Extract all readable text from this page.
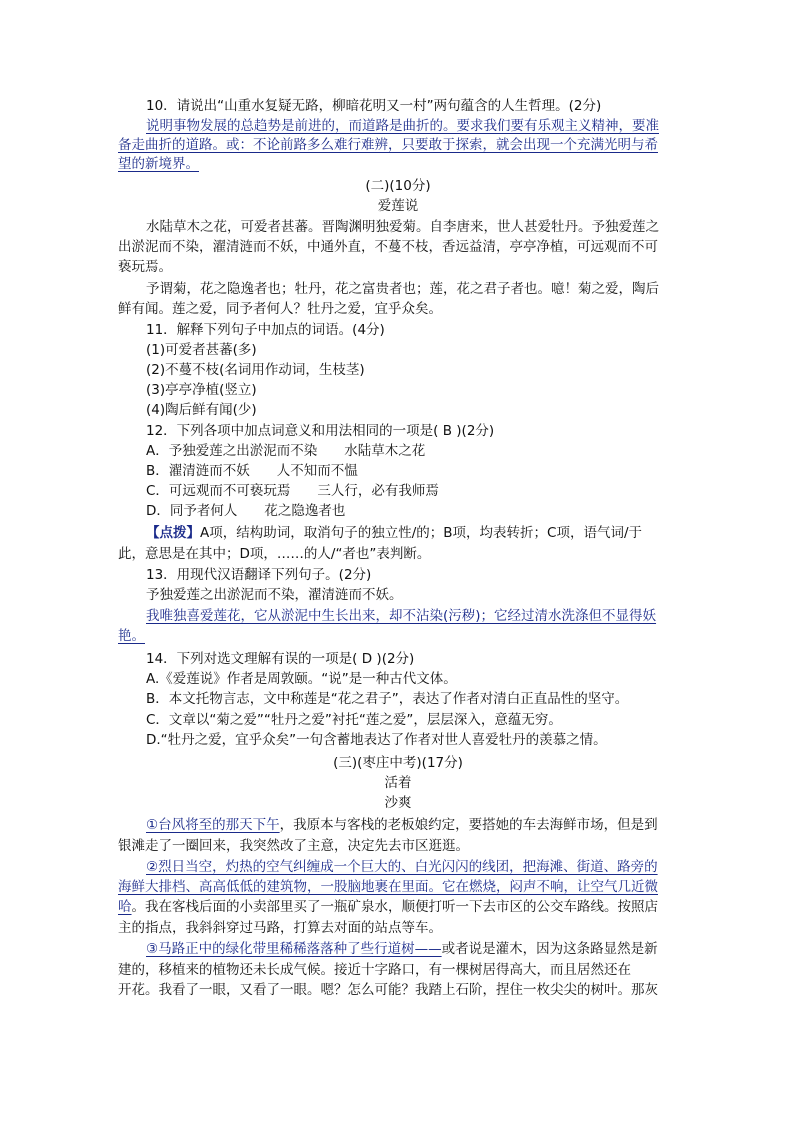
10．请说出“山重水复疑无路，柳暗花明又一村”两句蕴含的人生哲理。(2分)
说明事物发展的总趋势是前进的，而道路是曲折的。要求我们要有乐观主义精神，要准
备走曲折的道路。或：不论前路多么难行难辨，只要敢于探索，就会出现一个充满光明与希
望的新境界。
(二)(10分)
爱莲说
水陆草木之花，可爱者甚蕃。晋陶渊明独爱菊。自李唐来，世人甚爱牡丹。予独爱莲之
出淤泥而不染，濯清涟而不妖，中通外直，不蔓不枝，香远益清，亭亭净植，可远观而不可
亵玩焉。
予谓菊，花之隐逸者也；牡丹，花之富贵者也；莲，花之君子者也。噫！菊之爱，陶后
鲜有闻。莲之爱，同予者何人？牡丹之爱，宜乎众矣。
11．解释下列句子中加点的词语。(4分)
(1)可爱者甚蕃(多)
(2)不蔓不枝(名词用作动词，生枝茎)
(3)亭亭净植(竖立)
(4)陶后鲜有闻(少)
12．下列各项中加点词意义和用法相同的一项是( B )(2分)
A．予独爱莲之出淤泥而不染　　水陆草木之花
B．濯清涟而不妖　　人不知而不愠
C．可远观而不可亵玩焉　　三人行，必有我师焉
D．同予者何人　　花之隐逸者也
【点拨】A项，结构助词，取消句子的独立性/的；B项，均表转折；C项，语气词/于
此，意思是在其中；D项，……的人/“者也”表判断。
13．用现代汉语翻译下列句子。(2分)
予独爱莲之出淤泥而不染，濯清涟而不妖。
我唯独喜爱莲花，它从淤泥中生长出来，却不沾染(污秽)；它经过清水洗涤但不显得妖
艳。
14．下列对选文理解有误的一项是( D )(2分)
A.《爱莲说》作者是周敦颐。“说”是一种古代文体。
B．本文托物言志，文中称莲是“花之君子”，表达了作者对清白正直品性的坚守。
C．文章以“菊之爱”“牡丹之爱”衬托“莲之爱”，层层深入，意蕴无穷。
D.“牡丹之爱，宜乎众矣”一句含蓄地表达了作者对世人喜爱牡丹的羡慕之情。
(三)(枣庄中考)(17分)
活着
沙爽
①台风将至的那天下午，我原本与客栈的老板娘约定，要搭她的车去海鲜市场，但是到
银滩走了一圈回来，我突然改了主意，决定先去市区逛逛。
②烈日当空，灼热的空气纠缠成一个巨大的、白光闪闪的线团，把海滩、街道、路旁的
海鲜大排档、高高低低的建筑物，一股脑地裹在里面。它在燃烧，闷声不响，让空气几近微
哈。我在客栈后面的小卖部里买了一瓶矿泉水，顺便打听一下去市区的公交车路线。按照店
主的指点，我斜斜穿过马路，打算去对面的站点等车。
③马路正中的绿化带里稀稀落落种了些行道树——或者说是灌木，因为这条路显然是新
建的，移植来的植物还未长成气候。接近十字路口，有一棵树居得高大，而且居然还在
开花。我看了一眼，又看了一眼。嗯？怎么可能？我踏上石阶，捏住一枚尖尖的树叶。那灰
